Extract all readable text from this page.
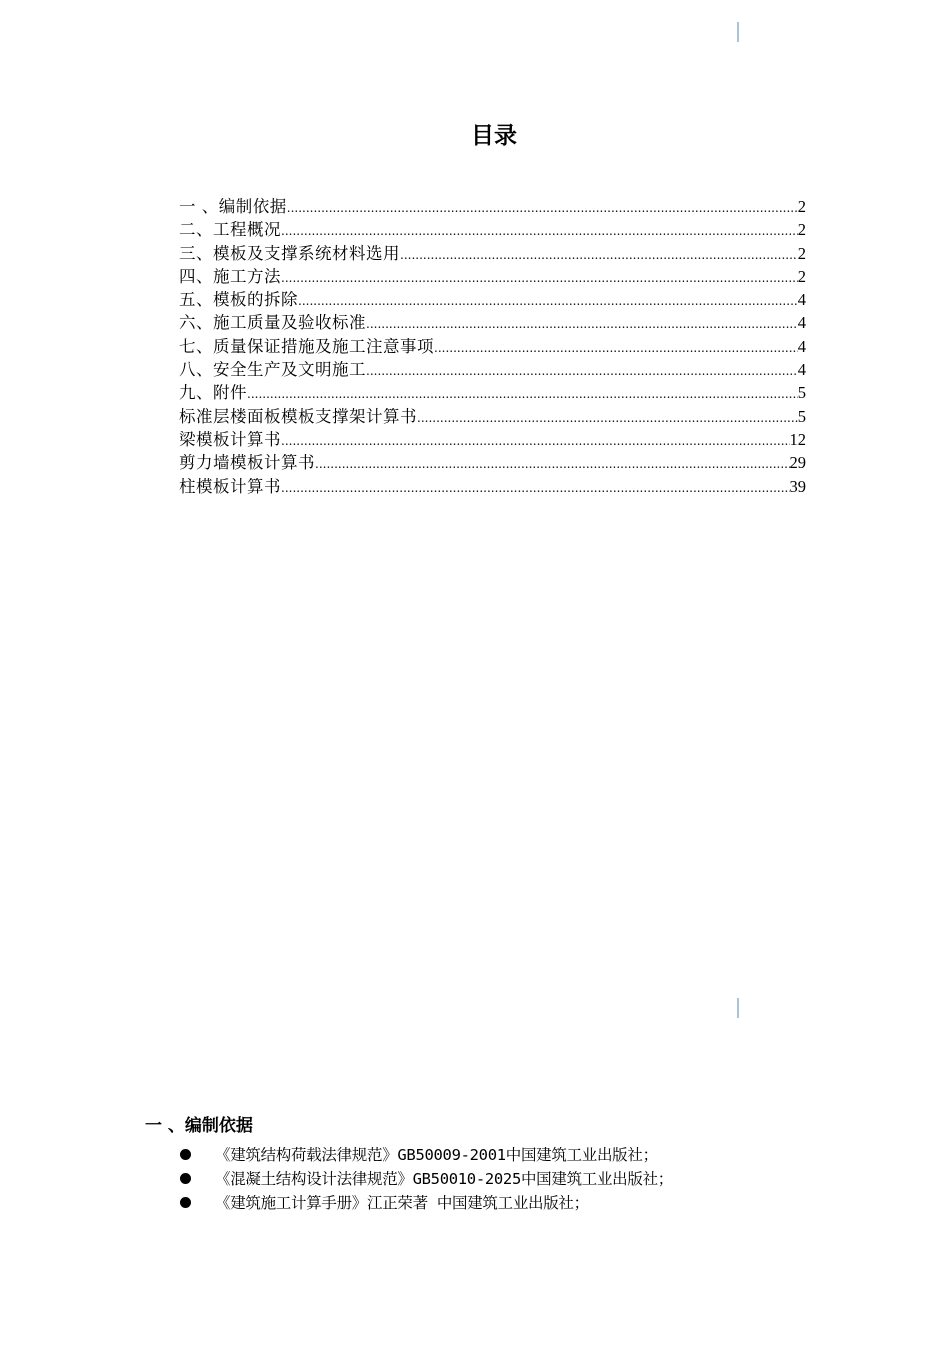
目录
一 、编制依据 .....	2
二、工程概况 .....	2
三、模板及支撑系统材料选用 .....	2
四、施工方法 .....	2
五、模板的拆除 .....	4
六、施工质量及验收标准 .....	4
七、质量保证措施及施工注意事项 .....	4
八、安全生产及文明施工 .....	4
九、附件 .....	5
标准层楼面板模板支撑架计算书 .....	5
梁模板计算书 .....	12
剪力墙模板计算书 .....	29
柱模板计算书 .....	39
一 、编制依据
《建筑结构荷载法律规范》GB50009-2001中国建筑工业出版社；
《混凝土结构设计法律规范》GB50010-2025中国建筑工业出版社；
《建筑施工计算手册》江正荣著 中国建筑工业出版社；
